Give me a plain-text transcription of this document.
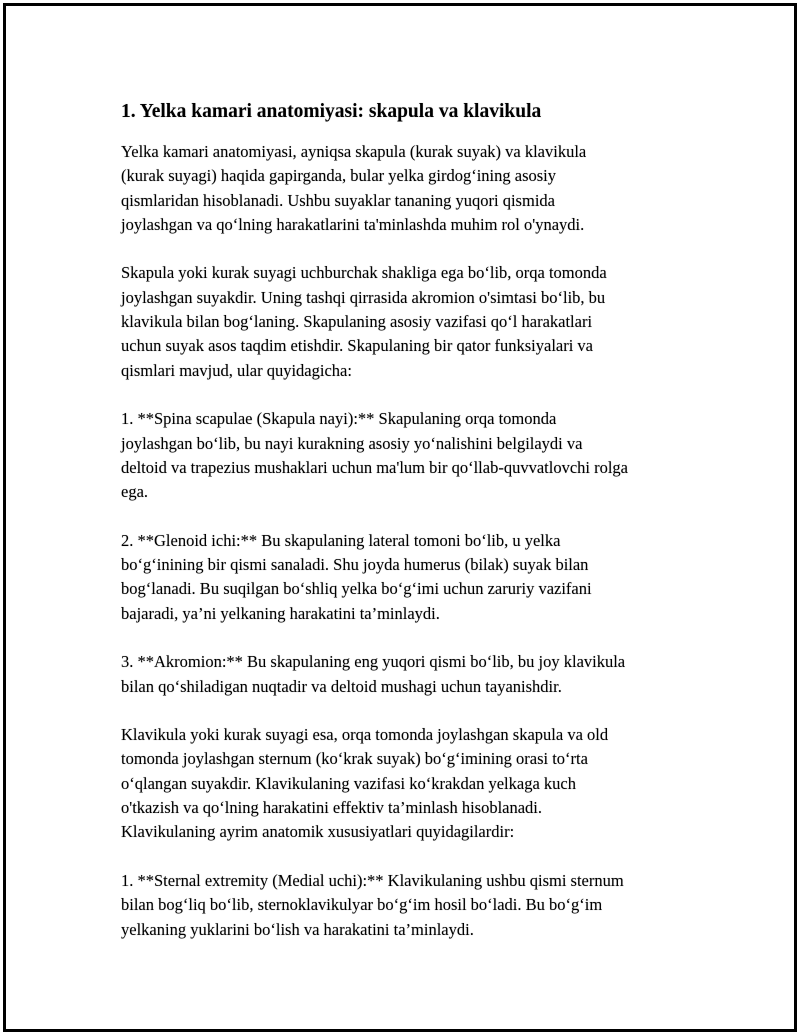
1. Yelka kamari anatomiyasi: skapula va klavikula

Yelka kamari anatomiyasi, ayniqsa skapula (kurak suyak) va klavikula
(kurak suyagi) haqida gapirganda, bular yelka girdog‘ining asosiy
qismlaridan hisoblanadi. Ushbu suyaklar tananing yuqori qismida
joylashgan va qo‘lning harakatlarini ta'minlashda muhim rol o'ynaydi.

Skapula yoki kurak suyagi uchburchak shakliga ega bo‘lib, orqa tomonda
joylashgan suyakdir. Uning tashqi qirrasida akromion o'simtasi bo‘lib, bu
klavikula bilan bog‘laning. Skapulaning asosiy vazifasi qo‘l harakatlari
uchun suyak asos taqdim etishdir. Skapulaning bir qator funksiyalari va
qismlari mavjud, ular quyidagicha:

1. **Spina scapulae (Skapula nayi):** Skapulaning orqa tomonda
joylashgan bo‘lib, bu nayi kurakning asosiy yo‘nalishini belgilaydi va
deltoid va trapezius mushaklari uchun ma'lum bir qo‘llab-quvvatlovchi rolga
ega.

2. **Glenoid ichi:** Bu skapulaning lateral tomoni bo‘lib, u yelka
bo‘g‘inining bir qismi sanaladi. Shu joyda humerus (bilak) suyak bilan
bog‘lanadi. Bu suqilgan bo‘shliq yelka bo‘g‘imi uchun zaruriy vazifani
bajaradi, ya’ni yelkaning harakatini ta’minlaydi.

3. **Akromion:** Bu skapulaning eng yuqori qismi bo‘lib, bu joy klavikula
bilan qo‘shiladigan nuqtadir va deltoid mushagi uchun tayanishdir.

Klavikula yoki kurak suyagi esa, orqa tomonda joylashgan skapula va old
tomonda joylashgan sternum (ko‘krak suyak) bo‘g‘imining orasi to‘rta
o‘qlangan suyakdir. Klavikulaning vazifasi ko‘krakdan yelkaga kuch
o'tkazish va qo‘lning harakatini effektiv ta’minlash hisoblanadi.
Klavikulaning ayrim anatomik xususiyatlari quyidagilardir:

1. **Sternal extremity (Medial uchi):** Klavikulaning ushbu qismi sternum
bilan bog‘liq bo‘lib, sternoklavikulyar bo‘g‘im hosil bo‘ladi. Bu bo‘g‘im
yelkaning yuklarini bo‘lish va harakatini ta’minlaydi.
